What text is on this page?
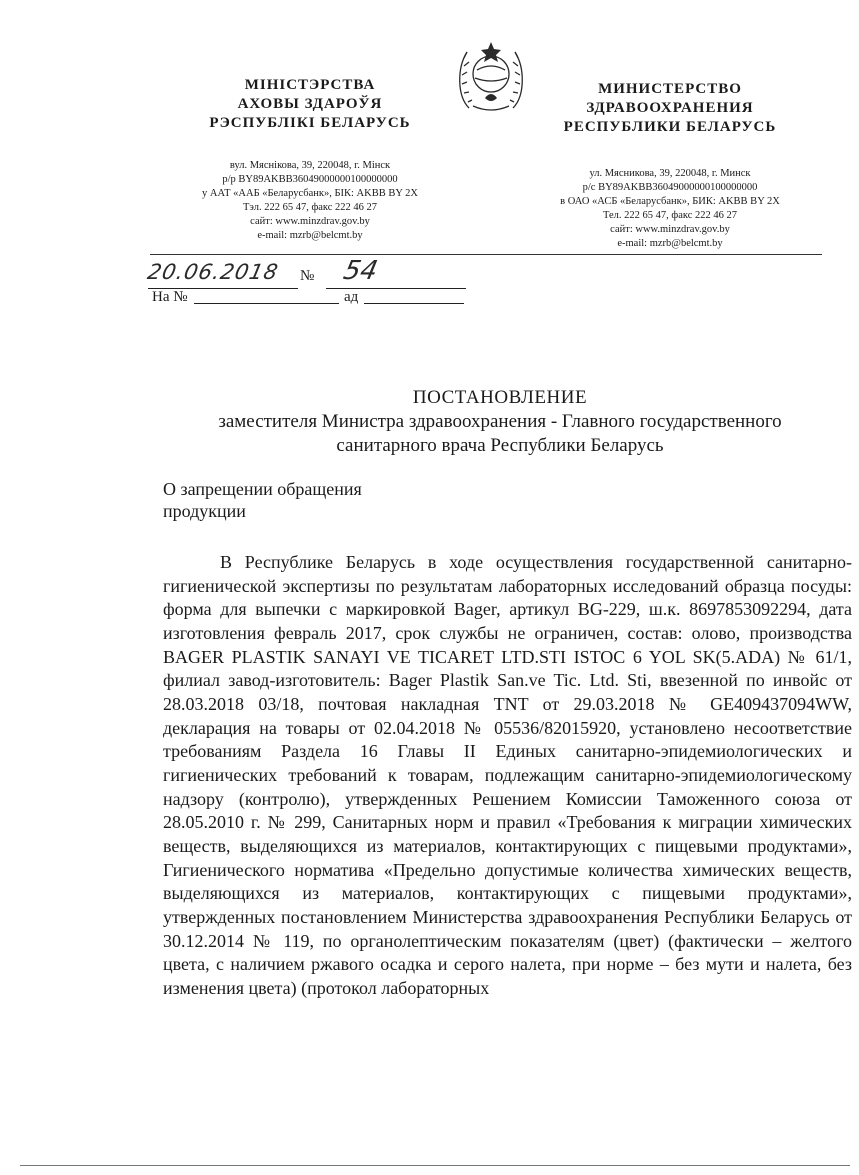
МІНІСТЭРСТВА
АХОВЫ ЗДАРОЎЯ
РЭСПУБЛІКІ БЕЛАРУСЬ
вул. Мяснікова, 39, 220048, г. Мінск
р/р BY89AKBB36049000000100000000
у ААТ «ААБ «Беларусбанк», БІК: AKBB BY 2X
Тэл. 222 65 47, факс 222 46 27
сайт: www.minzdrav.gov.by
e-mail: mzrb@belcmt.by
МИНИСТЕРСТВО
ЗДРАВООХРАНЕНИЯ
РЕСПУБЛИКИ БЕЛАРУСЬ
ул. Мясникова, 39, 220048, г. Минск
р/с BY89AKBB36049000000100000000
в ОАО «АСБ «Беларусбанк», БИК: AKBB BY 2X
Тел. 222 65 47, факс 222 46 27
сайт: www.minzdrav.gov.by
e-mail: mzrb@belcmt.by
20.06.2018 № 54
На №	ад
ПОСТАНОВЛЕНИЕ
заместителя Министра здравоохранения - Главного государственного
санитарного врача Республики Беларусь
О запрещении обращения
продукции

В Республике Беларусь в ходе осуществления государственной санитарно-гигиенической экспертизы по результатам лабораторных исследований образца посуды: форма для выпечки с маркировкой Bager, артикул BG-229, ш.к. 8697853092294, дата изготовления февраль 2017, срок службы не ограничен, состав: олово, производства BAGER PLASTIK SANAYI VE TICARET LTD.STI ISTOC 6 YOL SK(5.ADA) № 61/1, филиал завод-изготовитель: Bager Plastik San.ve Tic. Ltd. Sti, ввезенной по инвойс от 28.03.2018 03/18, почтовая накладная TNT от 29.03.2018 № GE409437094WW, декларация на товары от 02.04.2018 № 05536/82015920, установлено несоответствие требованиям Раздела 16 Главы II Единых санитарно-эпидемиологических и гигиенических требований к товарам, подлежащим санитарно-эпидемиологическому надзору (контролю), утвержденных Решением Комиссии Таможенного союза от 28.05.2010 г. № 299, Санитарных норм и правил «Требования к миграции химических веществ, выделяющихся из материалов, контактирующих с пищевыми продуктами», Гигиенического норматива «Предельно допустимые количества химических веществ, выделяющихся из материалов, контактирующих с пищевыми продуктами», утвержденных постановлением Министерства здравоохранения Республики Беларусь от 30.12.2014 № 119, по органолептическим показателям (цвет) (фактически – желтого цвета, с наличием ржавого осадка и серого налета, при норме – без мути и налета, без изменения цвета) (протокол лабораторных
